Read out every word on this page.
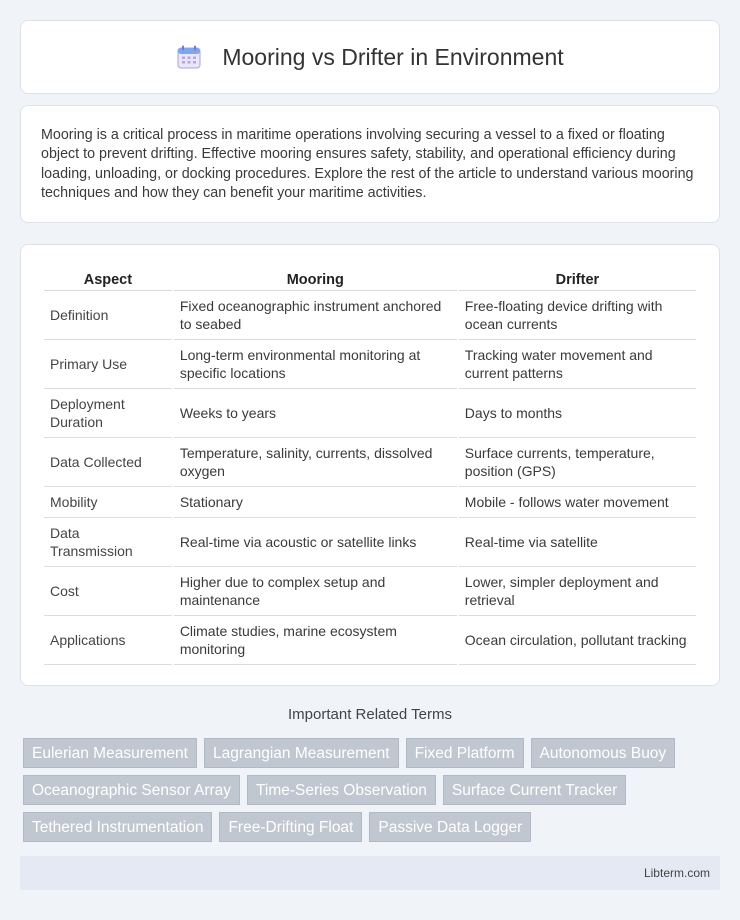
Mooring vs Drifter in Environment

Mooring is a critical process in maritime operations involving securing a vessel to a fixed or floating object to prevent drifting. Effective mooring ensures safety, stability, and operational efficiency during loading, unloading, or docking procedures. Explore the rest of the article to understand various mooring techniques and how they can benefit your maritime activities.

Aspect	Mooring	Drifter
Definition	Fixed oceanographic instrument anchored to seabed	Free-floating device drifting with ocean currents
Primary Use	Long-term environmental monitoring at specific locations	Tracking water movement and current patterns
Deployment Duration	Weeks to years	Days to months
Data Collected	Temperature, salinity, currents, dissolved oxygen	Surface currents, temperature, position (GPS)
Mobility	Stationary	Mobile - follows water movement
Data Transmission	Real-time via acoustic or satellite links	Real-time via satellite
Cost	Higher due to complex setup and maintenance	Lower, simpler deployment and retrieval
Applications	Climate studies, marine ecosystem monitoring	Ocean circulation, pollutant tracking
Important Related Terms
Eulerian Measurement	Lagrangian Measurement	Fixed Platform	Autonomous Buoy
Oceanographic Sensor Array	Time-Series Observation	Surface Current Tracker
Tethered Instrumentation	Free-Drifting Float	Passive Data Logger
Libterm.com
